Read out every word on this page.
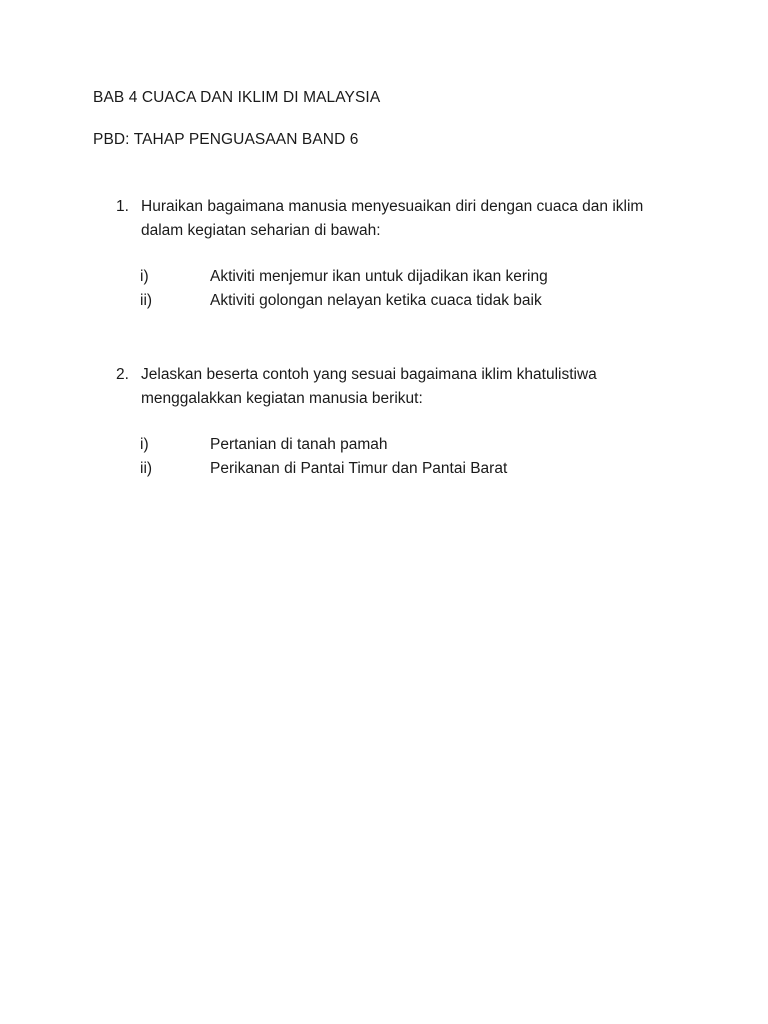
BAB 4 CUACA DAN IKLIM DI MALAYSIA
PBD: TAHAP PENGUASAAN BAND 6
1. Huraikan bagaimana manusia menyesuaikan diri dengan cuaca dan iklim
dalam kegiatan seharian di bawah:
i)	Aktiviti menjemur ikan untuk dijadikan ikan kering
ii)	Aktiviti golongan nelayan ketika cuaca tidak baik
2. Jelaskan beserta contoh yang sesuai bagaimana iklim khatulistiwa
menggalakkan kegiatan manusia berikut:
i)	Pertanian di tanah pamah
ii)	Perikanan di Pantai Timur dan Pantai Barat
